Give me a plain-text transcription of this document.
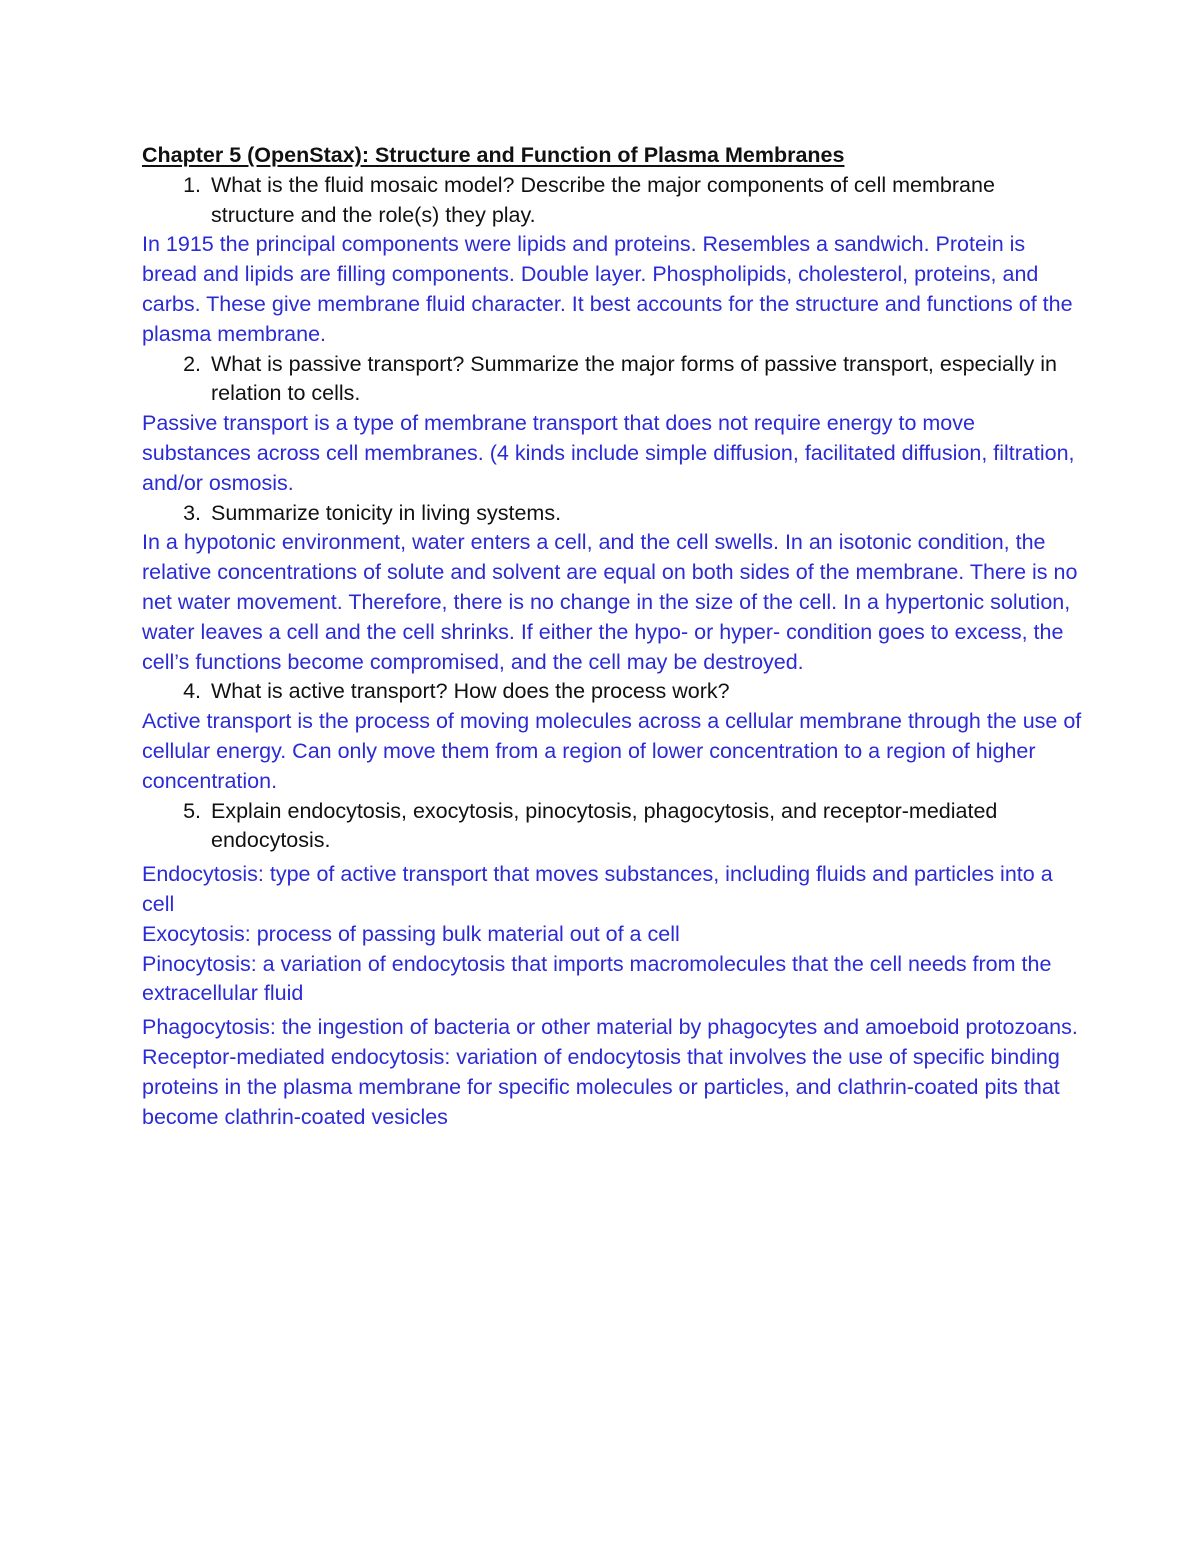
Chapter 5 (OpenStax): Structure and Function of Plasma Membranes

1. What is the fluid mosaic model? Describe the major components of cell membrane structure and the role(s) they play.

In 1915 the principal components were lipids and proteins. Resembles a sandwich. Protein is bread and lipids are filling components. Double layer. Phospholipids, cholesterol, proteins, and carbs. These give membrane fluid character. It best accounts for the structure and functions of the plasma membrane.

2. What is passive transport? Summarize the major forms of passive transport, especially in relation to cells.

Passive transport is a type of membrane transport that does not require energy to move substances across cell membranes. (4 kinds include simple diffusion, facilitated diffusion, filtration, and/or osmosis.

3. Summarize tonicity in living systems.

In a hypotonic environment, water enters a cell, and the cell swells. In an isotonic condition, the relative concentrations of solute and solvent are equal on both sides of the membrane. There is no net water movement. Therefore, there is no change in the size of the cell. In a hypertonic solution, water leaves a cell and the cell shrinks. If either the hypo- or hyper- condition goes to excess, the cell’s functions become compromised, and the cell may be destroyed.

4. What is active transport? How does the process work?

Active transport is the process of moving molecules across a cellular membrane through the use of cellular energy. Can only move them from a region of lower concentration to a region of higher concentration.

5. Explain endocytosis, exocytosis, pinocytosis, phagocytosis, and receptor-mediated endocytosis.

Endocytosis: type of active transport that moves substances, including fluids and particles into a cell

Exocytosis: process of passing bulk material out of a cell

Pinocytosis: a variation of endocytosis that imports macromolecules that the cell needs from the extracellular fluid

Phagocytosis: the ingestion of bacteria or other material by phagocytes and amoeboid protozoans.

Receptor-mediated endocytosis: variation of endocytosis that involves the use of specific binding proteins in the plasma membrane for specific molecules or particles, and clathrin-coated pits that become clathrin-coated vesicles
